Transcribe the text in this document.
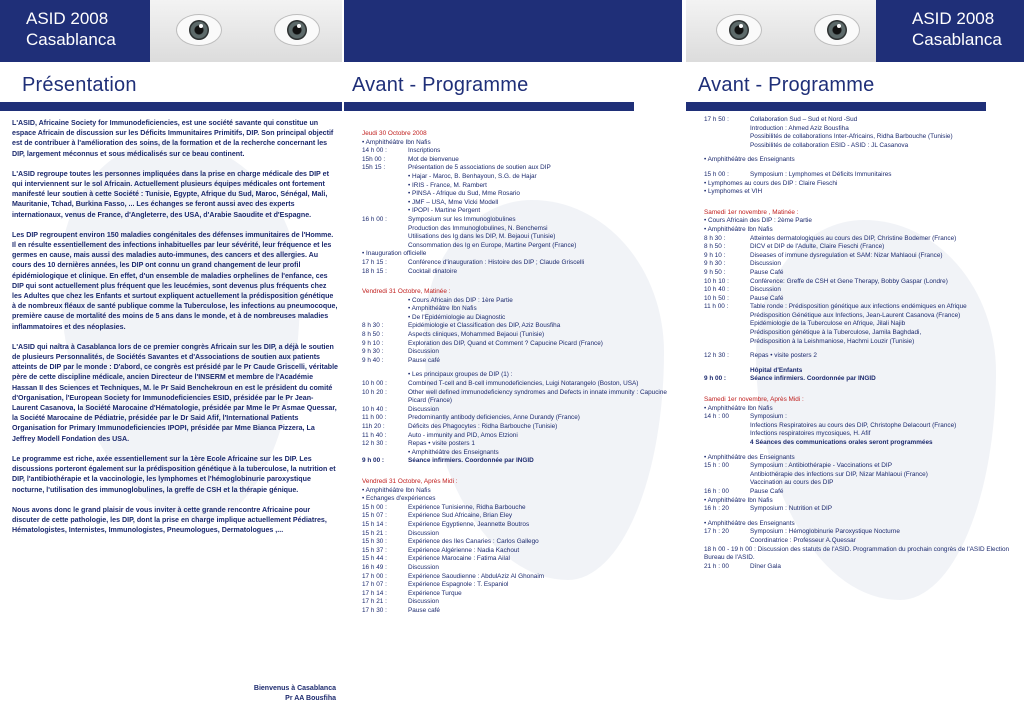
ASID 2008
Casablanca
Présentation

L'ASID, Africaine Society for Immunodeficiencies, est une société savante qui constitue un espace Africain de discussion sur les Déficits Immunitaires Primitifs, DIP. Son principal objectif est de contribuer à l'amélioration des soins, de la formation et de la recherche concernant les DIP, largement méconnus et sous médicalisés sur ce beau continent.

L'ASID regroupe toutes les personnes impliquées dans la prise en charge médicale des DIP et qui interviennent sur le sol Africain. Actuellement plusieurs équipes médicales ont fortement manifesté leur soutien à cette Société : Tunisie, Egypte, Afrique du Sud, Maroc, Sénégal, Mali, Mauritanie, Tchad, Burkina Fasso, ... Les échanges se feront aussi avec des experts internationaux, venus de France, d'Angleterre, des USA, d'Arabie Saoudite et d'Espagne.

Les DIP regroupent environ 150 maladies congénitales des défenses immunitaires de l'Homme. Il en résulte essentiellement des infections inhabituelles par leur sévérité, leur fréquence et les germes en cause, mais aussi des maladies auto-immunes, des cancers et des allergies. Au cours des 10 dernières années, les DIP ont connu un grand changement de leur profil épidémiologique et clinique. En effet, d'un ensemble de maladies orphelines de l'enfance, ces DIP qui sont actuellement plus fréquent que les leucémies, sont devenus plus fréquents chez les Adultes que chez les Enfants et surtout expliquent actuellement la prédisposition génétique à de nombreux fléaux de santé publique comme la Tuberculose, les infections au pneumocoque, première cause de mortalité des moins de 5 ans dans le monde, et à de nombreuses maladies inflammatoires et des néoplasies.

L'ASID qui naîtra à Casablanca lors de ce premier congrès Africain sur les DIP, a déjà le soutien de plusieurs Personnalités, de Sociétés Savantes et d'Associations de soutien aux patients atteints de DIP par le monde : D'abord, ce congrès est présidé par le Pr Caude Griscelli, véritable père de cette discipline médicale, ancien Directeur de l'INSERM et membre de l'Académie Hassan II des Sciences et Techniques, M. le Pr Said Benchekroun en est le président du comité d'Organisation, l'European Society for Immunodeficiencies ESID, présidée par le Pr Jean-Laurent Casanova, la Société Marocaine d'Hématologie, présidée par Mme le Pr Asmae Quessar, la Société Marocaine de Pédiatrie, présidée par le Dr Said Afif, l'International Patients Organisation for Primary Immunodeficiencies IPOPI, présidée par Mme Bianca Pizzera, La Jeffrey Modell Fondation des USA.

Le programme est riche, axée essentiellement sur la 1ère Ecole Africaine sur les DIP. Les discussions porteront également sur la prédisposition génétique à la tuberculose, la nutrition et DIP, l'antibiothérapie et la vaccinologie, les lymphomes et l'hémoglobinurie paroxystique nocturne, l'utilisation des immunoglobulines, la greffe de CSH et la thérapie génique.

Nous avons donc le grand plaisir de vous inviter à cette grande rencontre Africaine pour discuter de cette pathologie, les DIP, dont la prise en charge implique actuellement Pédiatres, Hématologistes, Internistes, Immunologistes, Pneumologues, Dermatologues ,...

Bienvenus à Casablanca
Pr AA Bousfiha
Avant - Programme
Jeudi 30 Octobre 2008
• Amphithéâtre Ibn Nafis
14 h 00 :	Inscriptions
15h 00 :	Mot de bienvenue
15h 15 :	Présentation de 5 associations de soutien aux DIP
• Hajar - Maroc, B. Benhayoun, S.G. de Hajar
• IRIS - France, M. Rambert
• PINSA - Afrique du Sud, Mme Rosario
• JMF – USA, Mme Vicki Modell
• IPOPI - Martine Pergent
16 h 00 :	Symposium sur les Immunoglobulines
Production des Immunoglobulines, N. Benchemsi
Utilisations des Ig dans les DIP, M. Bejaoui (Tunisie)
Consommation des Ig en Europe, Martine Pergent (France)
• Inauguration officielle
17 h 15 :	Conférence d'inauguration : Histoire des DIP ; Claude Griscelli
18 h 15 :	Cocktail dinatoire
Vendredi 31 Octobre, Matinée :
• Cours Africain des DIP : 1ère Partie
• Amphithéâtre Ibn Nafis
• De l'Epidémiologie au Diagnostic
8 h 30 :	Epidémiologie et Classification des DIP, Aziz Bousfiha
8 h 50 :	Aspects cliniques, Mohammed Bejaoui (Tunisie)
9 h 10 :	Exploration des DIP, Quand et Comment ? Capucine Picard (France)
9 h 30 :	Discussion
9 h 40 :	Pause café
• Les principaux groupes de DIP (1) :
10 h 00 :	Combined T-cell and B-cell immunodeficiencies, Luigi Notarangelo (Boston, USA)
10 h 20 :	Other well defined immunodeficiency syndromes and Defects in innate immunity : Capucine Picard (France)
10 h 40 :	Discussion
11 h 00 :	Predominantly antibody deficiencies, Anne Durandy (France)
11h 20 :	Déficits des Phagocytes : Ridha Barbouche (Tunisie)
11 h 40 :	Auto - immunity and PID, Amos Etzioni
12 h 30 :	Repas • visite posters 1
• Amphithéâtre des Enseignants
9 h 00 :	Séance infirmiers. Coordonnée par INGID
Vendredi 31 Octobre, Après Midi :
• Amphithéâtre Ibn Nafis
• Echanges d'expériences
15 h 00 :	Expérience Tunisienne, Ridha Barbouche
15 h 07 :	Expérience Sud Africaine, Brian Eley
15 h 14 :	Expérience Egyptienne, Jeannette Boutros
15 h 21 :	Discussion
15 h 30 :	Expérience des Iles Canaries : Carlos Gallego
15 h 37 :	Expérience Algérienne : Nadia Kachout
15 h 44 :	Expérience Marocaine : Fatima Ailal
16 h 49 :	Discussion
17 h 00 :	Expérience Saoudienne : AbdulAziz Al Ghonaim
17 h 07 :	Expérience Espagnole : T. Espaniol
17 h 14 :	Expérience Turque
17 h 21 :	Discussion
17 h 30 :	Pause café
ASID 2008
Casablanca
Avant - Programme
17 h 50 :	Collaboration Sud – Sud et Nord -Sud
Introduction : Ahmed Aziz Bousfiha
Possibilités de collaborations Inter-Africains, Ridha Barbouche (Tunisie)
Possibilités de collaboration ESID - ASID : JL Casanova
• Amphithéâtre des Enseignants
15 h 00 :	Symposium : Lymphomes et Déficits Immunitaires
• Lymphomes au cours des DIP : Claire Fieschi
• Lymphomes et VIH
Samedi 1er novembre , Matinée :
• Cours Africain des DIP : 2ème Partie
• Amphithéâtre Ibn Nafis
8 h 30 :	Atteintes dermatologiques au cours des DIP, Christine Bodemer (France)
8 h 50 :	DICV et DIP de l'Adulte, Claire Fieschi (France)
9 h 10 :	Diseases of immune dysregulation et SAM: Nizar Mahlaoui (France)
9 h 30 :	Discussion
9 h 50 :	Pause Café
10 h 10 :	Conférence: Greffe de CSH et Gene Therapy, Bobby Gaspar (Londre)
10 h 40 :	Discussion
10 h 50 :	Pause Café
11 h 00 :	Table ronde : Prédisposition génétique aux infections endémiques en Afrique
Prédisposition Génétique aux Infections, Jean-Laurent Casanova (France)
Epidémiologie de la Tuberculose en Afrique, Jilali Najib
Prédisposition génétique à la Tuberculose, Jamila Baghdadi,
Prédisposition à la Leishmaniose, Hachmi Louzir (Tunisie)
12 h 30 :	Repas • visite posters 2
Hôpital d'Enfants
9 h 00 :	Séance infirmiers. Coordonnée par INGID
Samedi 1er novembre, Après Midi :
• Amphithéâtre Ibn Nafis
14 h : 00	Symposium :
Infections Respiratoires au cours des DIP, Christophe Delacourt (France)
Infections respiratoires mycosiques, H. Afif
4 Séances des communications orales seront programmées
• Amphithéâtre des Enseignants
15 h : 00	Symposium : Antibiothérapie - Vaccinations et DIP
Antibiothérapie des infections sur DIP, Nizar Mahlaoui (France)
Vaccination au cours des DIP
16 h : 00	Pause Café
• Amphithéâtre Ibn Nafis
16 h : 20	Symposium : Nutrition et DIP
• Amphithéâtre des Enseignants
17 h : 20	Symposium : Hémoglobinurie Paroxystique Nocturne
Coordinatrice : Professeur A.Quessar
18 h 00 - 19 h 00 : Discussion des statuts de l'ASID. Programmation du prochain congrès de l'ASID Election Bureau de l'ASID.
21 h : 00	Dîner Gala
